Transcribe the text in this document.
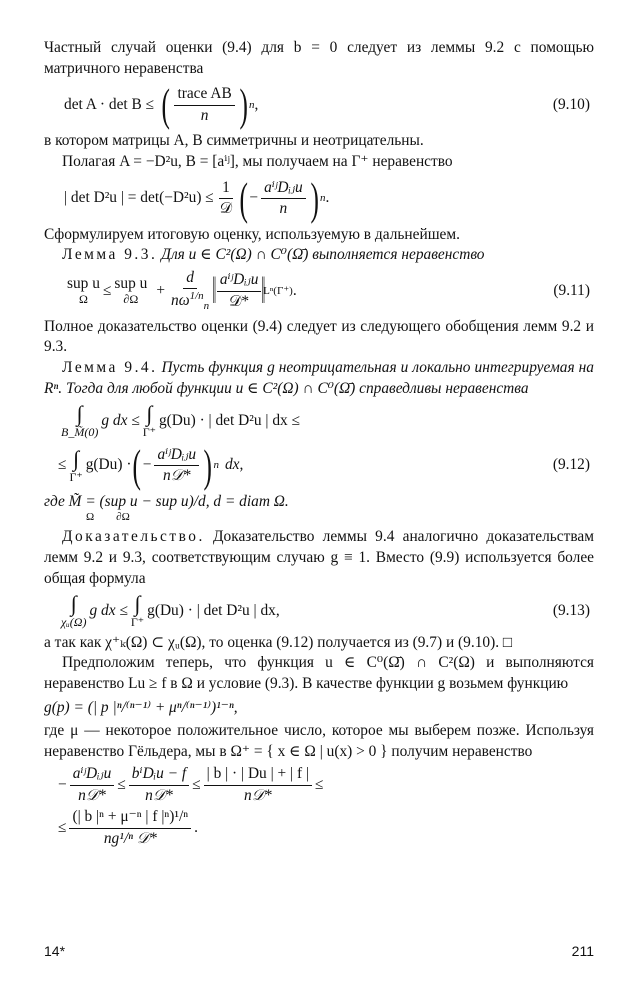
Частный случай оценки (9.4) для b = 0 следует из леммы 9.2 с помощью матричного неравенства

det A · det B ≤ ( $\frac{\text{trace AB}}{n}$ ) n ,	(9.10)

в котором матрицы A, B симметричны и неотрицательны.

Полагая A = −D²u, B = [aⁱʲ], мы получаем на Γ⁺ неравенство

| det D²u | = $\det(-D^2u) \le \frac{1}{\text{𝒟}}$ ( − $\frac{\text{aⁱʲDᵢⱼu}}{n}$ ) n .

Сформулируем итоговую оценку, используемую в дальнейшем.

Лемма 9.3. Для u ∈ C²(Ω) ∩ C⁰(Ω̄) выполняется неравенство

sup u
Ω
≤ sup u
∂Ω
+ $\frac{d}{n\omega^{1/n}_n}$ ‖ $\frac{\text{aⁱʲDᵢⱼu}}{\text{𝒟*}}$ ‖
Lⁿ(Γ⁺) .	(9.11)

Полное доказательство оценки (9.4) следует из следующего обобщения лемм 9.2 и 9.3.

Лемма 9.4. Пусть функция g неотрицательная и локально интегрируемая на Rⁿ. Тогда для любой функции u ∈ C²(Ω) ∩ C⁰(Ω̄) справедливы неравенства

∫
B_M̃(0)
g dx ≤ ∫
Γ⁺
g(Du) · | det D²u | dx ≤
≤ ∫
Γ⁺
g(Du) · ( − $\frac{\text{aⁱʲDᵢⱼu}}{\text{n𝒟*}}$ ) n dx,	(9.12)

где M̃ = (sup u − sup u)/d, d = diam Ω.

Ω        ∂Ω

Доказательство. Доказательство леммы 9.4 аналогично доказательствам лемм 9.2 и 9.3, соответствующим случаю g ≡ 1. Вместо (9.9) используется более общая формула

∫
χᵤ(Ω)
g dx ≤ ∫
Γ⁺
g(Du) · | det D²u | dx,	(9.13)

а так как χ⁺ₖ(Ω) ⊂ χᵤ(Ω), то оценка (9.12) получается из (9.7) и (9.10). □

Предположим теперь, что функция u ∈ C⁰(Ω̄) ∩ C²(Ω) и выполняются неравенство Lu ≥ f в Ω и условие (9.3). В качестве функции g возьмем функцию

g(p) = (| p |ⁿ/⁽ⁿ⁻¹⁾ + μⁿ/⁽ⁿ⁻¹⁾)¹⁻ⁿ,

где μ — некоторое положительное число, которое мы выберем позже. Используя неравенство Гёльдера, мы в Ω⁺ = { x ∈ Ω | u(x) > 0 } получим неравенство

− $\frac{\text{aⁱʲDᵢⱼu}}{\text{n𝒟*}} \le \frac{\text{bⁱDᵢu − f}}{\text{n𝒟*}} \le \frac{| b | \cdot | Du | + | f |}{\text{n𝒟*}}$ ≤
≤ $\frac{\text{(| b |ⁿ + μ⁻ⁿ | f |ⁿ)¹/ⁿ}}{\text{ng¹/ⁿ 𝒟*}}$ .
14*	211
